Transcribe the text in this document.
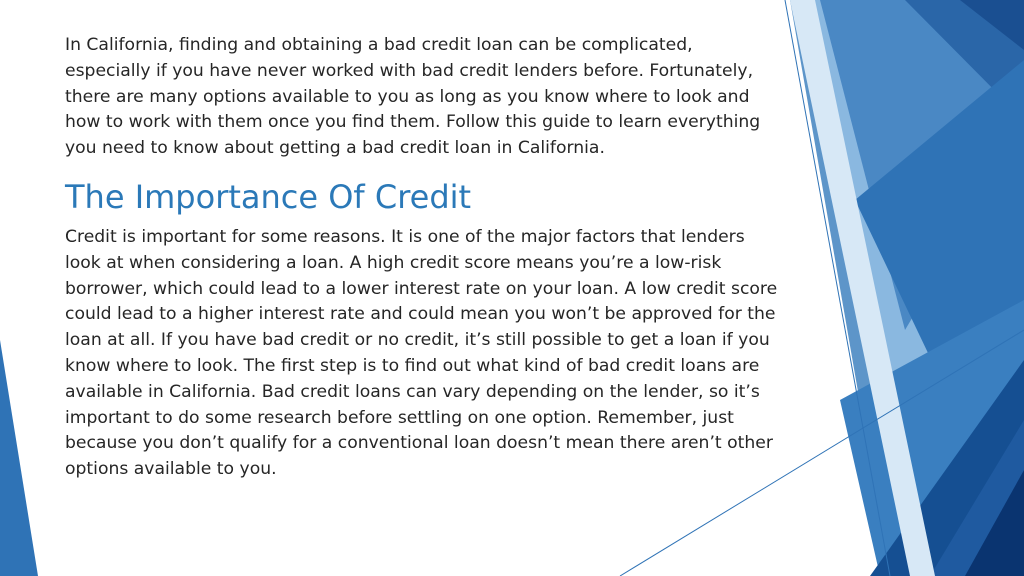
In California, finding and obtaining a bad credit loan can be complicated, especially if you have never worked with bad credit lenders before. Fortunately, there are many options available to you as long as you know where to look and how to work with them once you find them. Follow this guide to learn everything you need to know about getting a bad credit loan in California.

The Importance Of Credit

Credit is important for some reasons. It is one of the major factors that lenders look at when considering a loan. A high credit score means you’re a low-risk borrower, which could lead to a lower interest rate on your loan. A low credit score could lead to a higher interest rate and could mean you won’t be approved for the loan at all. If you have bad credit or no credit, it’s still possible to get a loan if you know where to look. The first step is to find out what kind of bad credit loans are available in California. Bad credit loans can vary depending on the lender, so it’s important to do some research before settling on one option. Remember, just because you don’t qualify for a conventional loan doesn’t mean there aren’t other options available to you.
